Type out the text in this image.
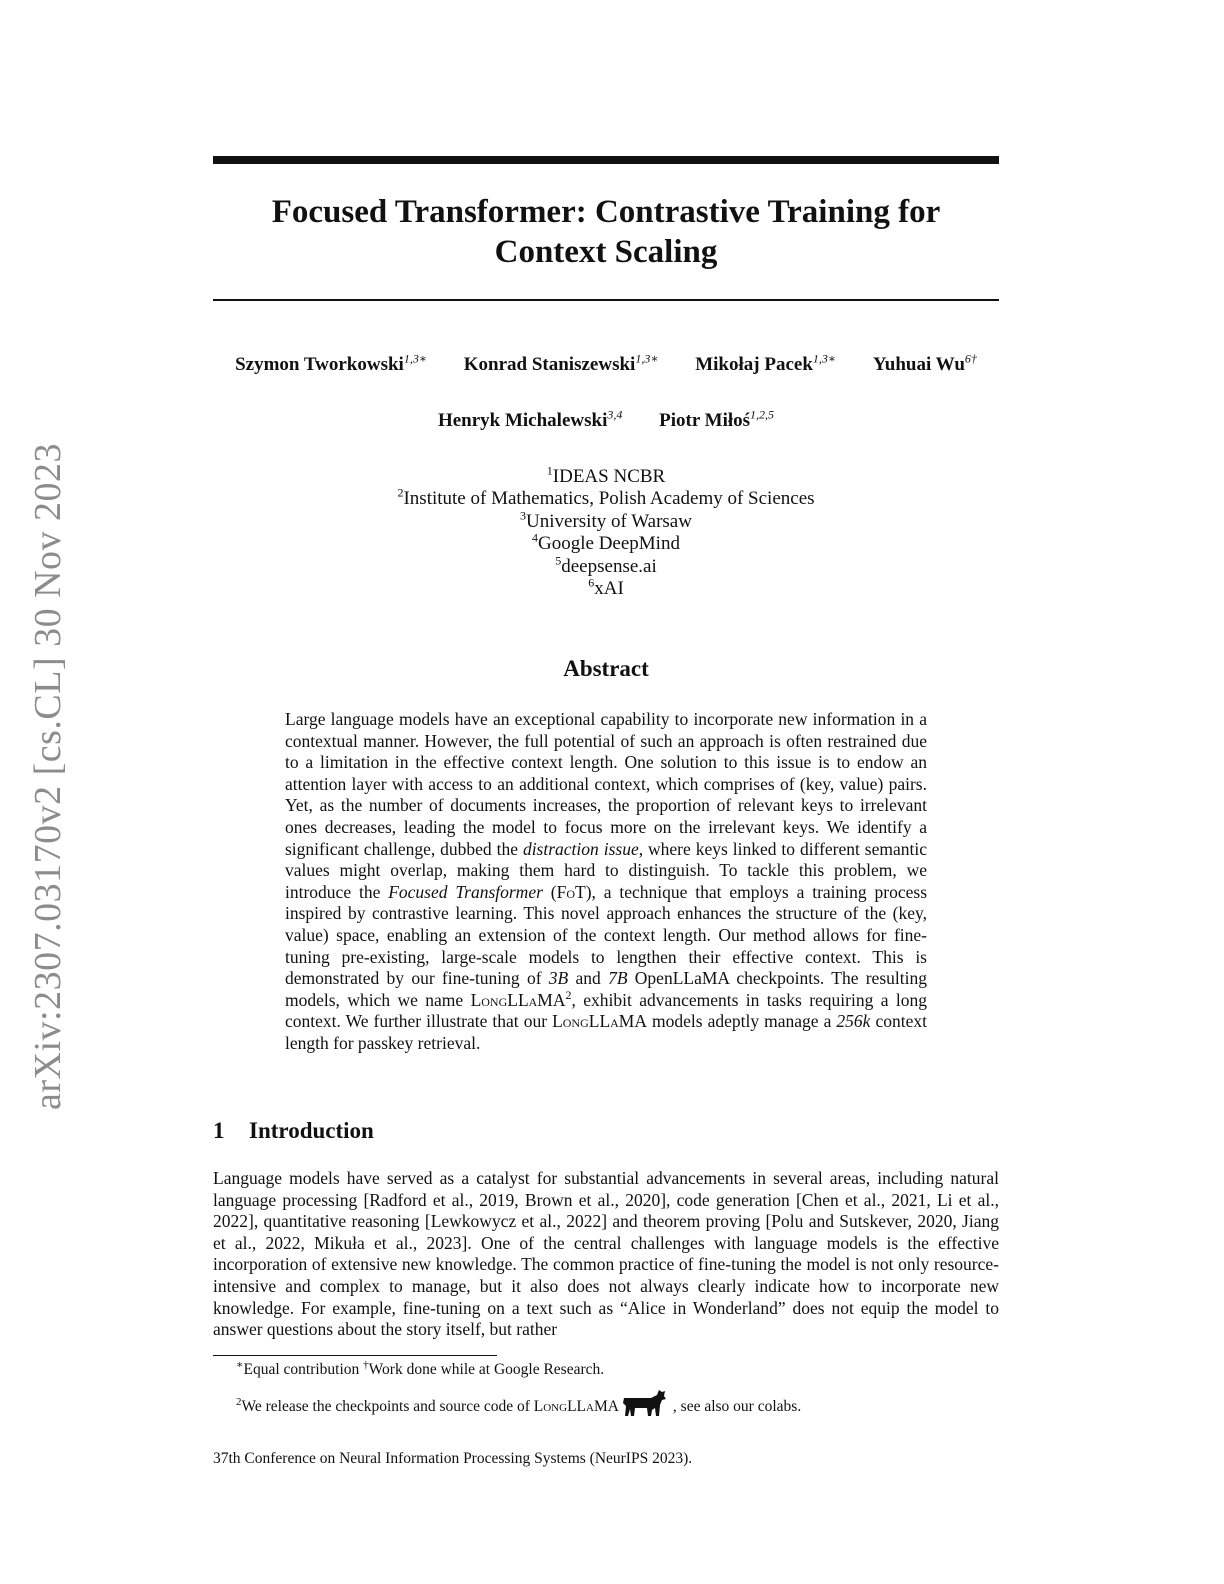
arXiv:2307.03170v2 [cs.CL] 30 Nov 2023
Focused Transformer: Contrastive Training for
Context Scaling
Szymon Tworkowski$^{1,3∗}$ Konrad Staniszewski$^{1,3∗}$ Mikołaj Pacek$^{1,3∗}$ Yuhuai $Wu^{6\dagger}$
Henryk Michalewski$^{3,4}$ Piotr Miłoś$^{1,2,5}$
$^1$IDEAS NCBR
$^2$Institute of Mathematics, Polish Academy of Sciences
$^3$University of Warsaw
$^4$Google DeepMind
$^5$deepsense.ai
$^6$xAI
Abstract
Large language models have an exceptional capability to incorporate new information in a contextual manner. However, the full potential of such an approach is often restrained due to a limitation in the effective context length. One solution to this issue is to endow an attention layer with access to an additional context, which comprises of (key, value) pairs. Yet, as the number of documents increases, the proportion of relevant keys to irrelevant ones decreases, leading the model to focus more on the irrelevant keys. We identify a significant challenge, dubbed the distraction issue, where keys linked to different semantic values might overlap, making them hard to distinguish. To tackle this problem, we introduce the Focused Transformer (FoT), a technique that employs a training process inspired by contrastive learning. This novel approach enhances the structure of the (key, value) space, enabling an extension of the context length. Our method allows for fine-tuning pre-existing, large-scale models to lengthen their effective context. This is demonstrated by our fine-tuning of 3B and 7B OpenLLaMA checkpoints. The resulting models, which we name LongLLaMA$^2$, exhibit advancements in tasks requiring a long context. We further illustrate that our LongLLaMA models adeptly manage a 256k context length for passkey retrieval.
1 Introduction
Language models have served as a catalyst for substantial advancements in several areas, including natural language processing [Radford et al., 2019, Brown et al., 2020], code generation [Chen et al., 2021, Li et al., 2022], quantitative reasoning [Lewkowycz et al., 2022] and theorem proving [Polu and Sutskever, 2020, Jiang et al., 2022, Mikuła et al., 2023]. One of the central challenges with language models is the effective incorporation of extensive new knowledge. The common practice of fine-tuning the model is not only resource-intensive and complex to manage, but it also does not always clearly indicate how to incorporate new knowledge. For example, fine-tuning on a text such as “Alice in Wonderland” does not equip the model to answer questions about the story itself, but rather
∗Equal contribution †Work done while at Google Research.
$^2$We release the checkpoints and source code of LongLLaMA	, see also our colabs.
37th Conference on Neural Information Processing Systems (NeurIPS 2023).
